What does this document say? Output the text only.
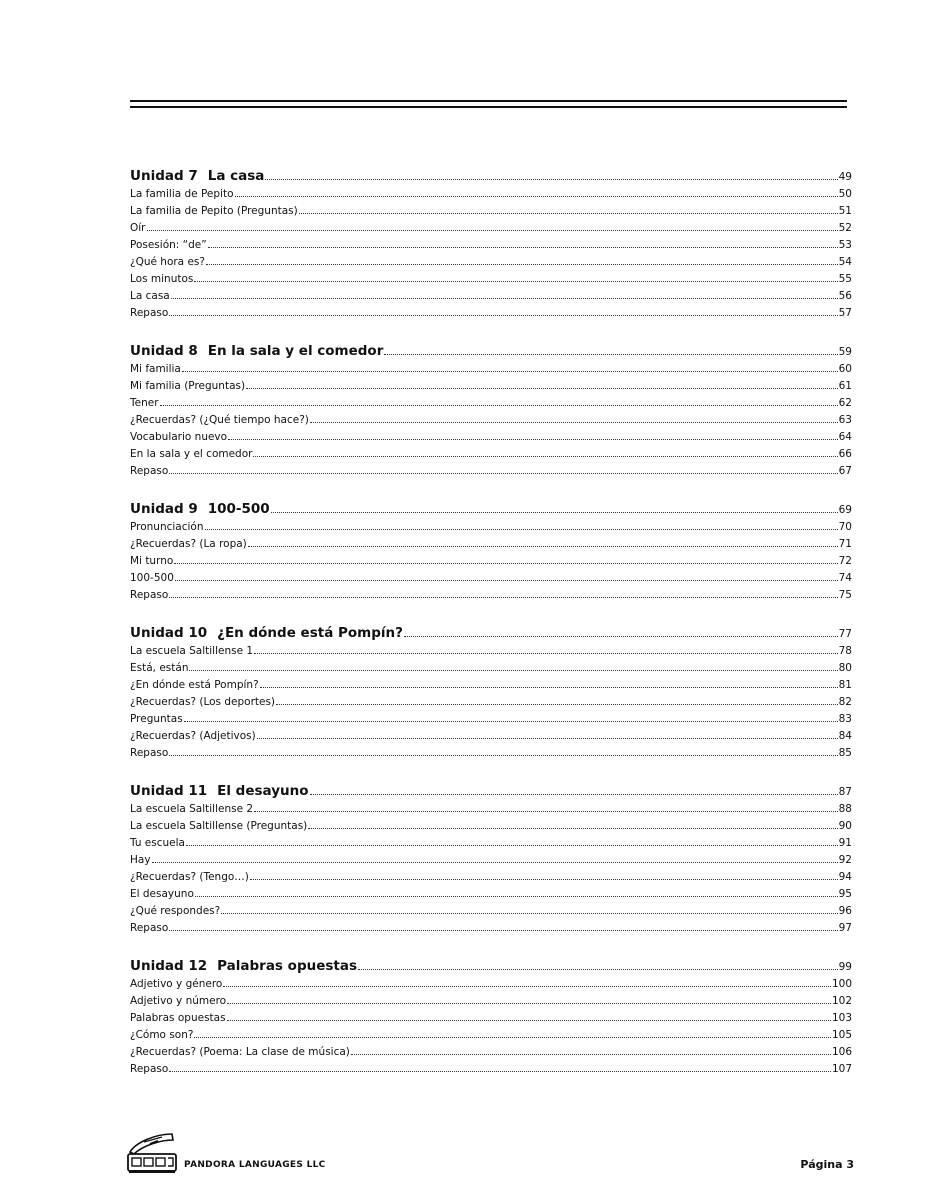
Unidad 7 La casa	49
La familia de Pepito	50
La familia de Pepito (Preguntas)	51
Oír	52
Posesión: “de”	53
¿Qué hora es?	54
Los minutos	55
La casa	56
Repaso	57
Unidad 8 En la sala y el comedor	59
Mi familia	60
Mi familia (Preguntas)	61
Tener	62
¿Recuerdas? (¿Qué tiempo hace?)	63
Vocabulario nuevo	64
En la sala y el comedor	66
Repaso	67
Unidad 9 100-500	69
Pronunciación	70
¿Recuerdas? (La ropa)	71
Mi turno	72
100-500	74
Repaso	75
Unidad 10 ¿En dónde está Pompín?	77
La escuela Saltillense 1	78
Está, están	80
¿En dónde está Pompín?	81
¿Recuerdas? (Los deportes)	82
Preguntas	83
¿Recuerdas? (Adjetivos)	84
Repaso	85
Unidad 11 El desayuno	87
La escuela Saltillense 2	88
La escuela Saltillense (Preguntas)	90
Tu escuela	91
Hay	92
¿Recuerdas? (Tengo…)	94
El desayuno	95
¿Qué respondes?	96
Repaso	97
Unidad 12 Palabras opuestas	99
Adjetivo y género	100
Adjetivo y número	102
Palabras opuestas	103
¿Cómo son?	105
¿Recuerdas? (Poema: La clase de música)	106
Repaso	107
PANDORA LANGUAGES LLC	Página 3
